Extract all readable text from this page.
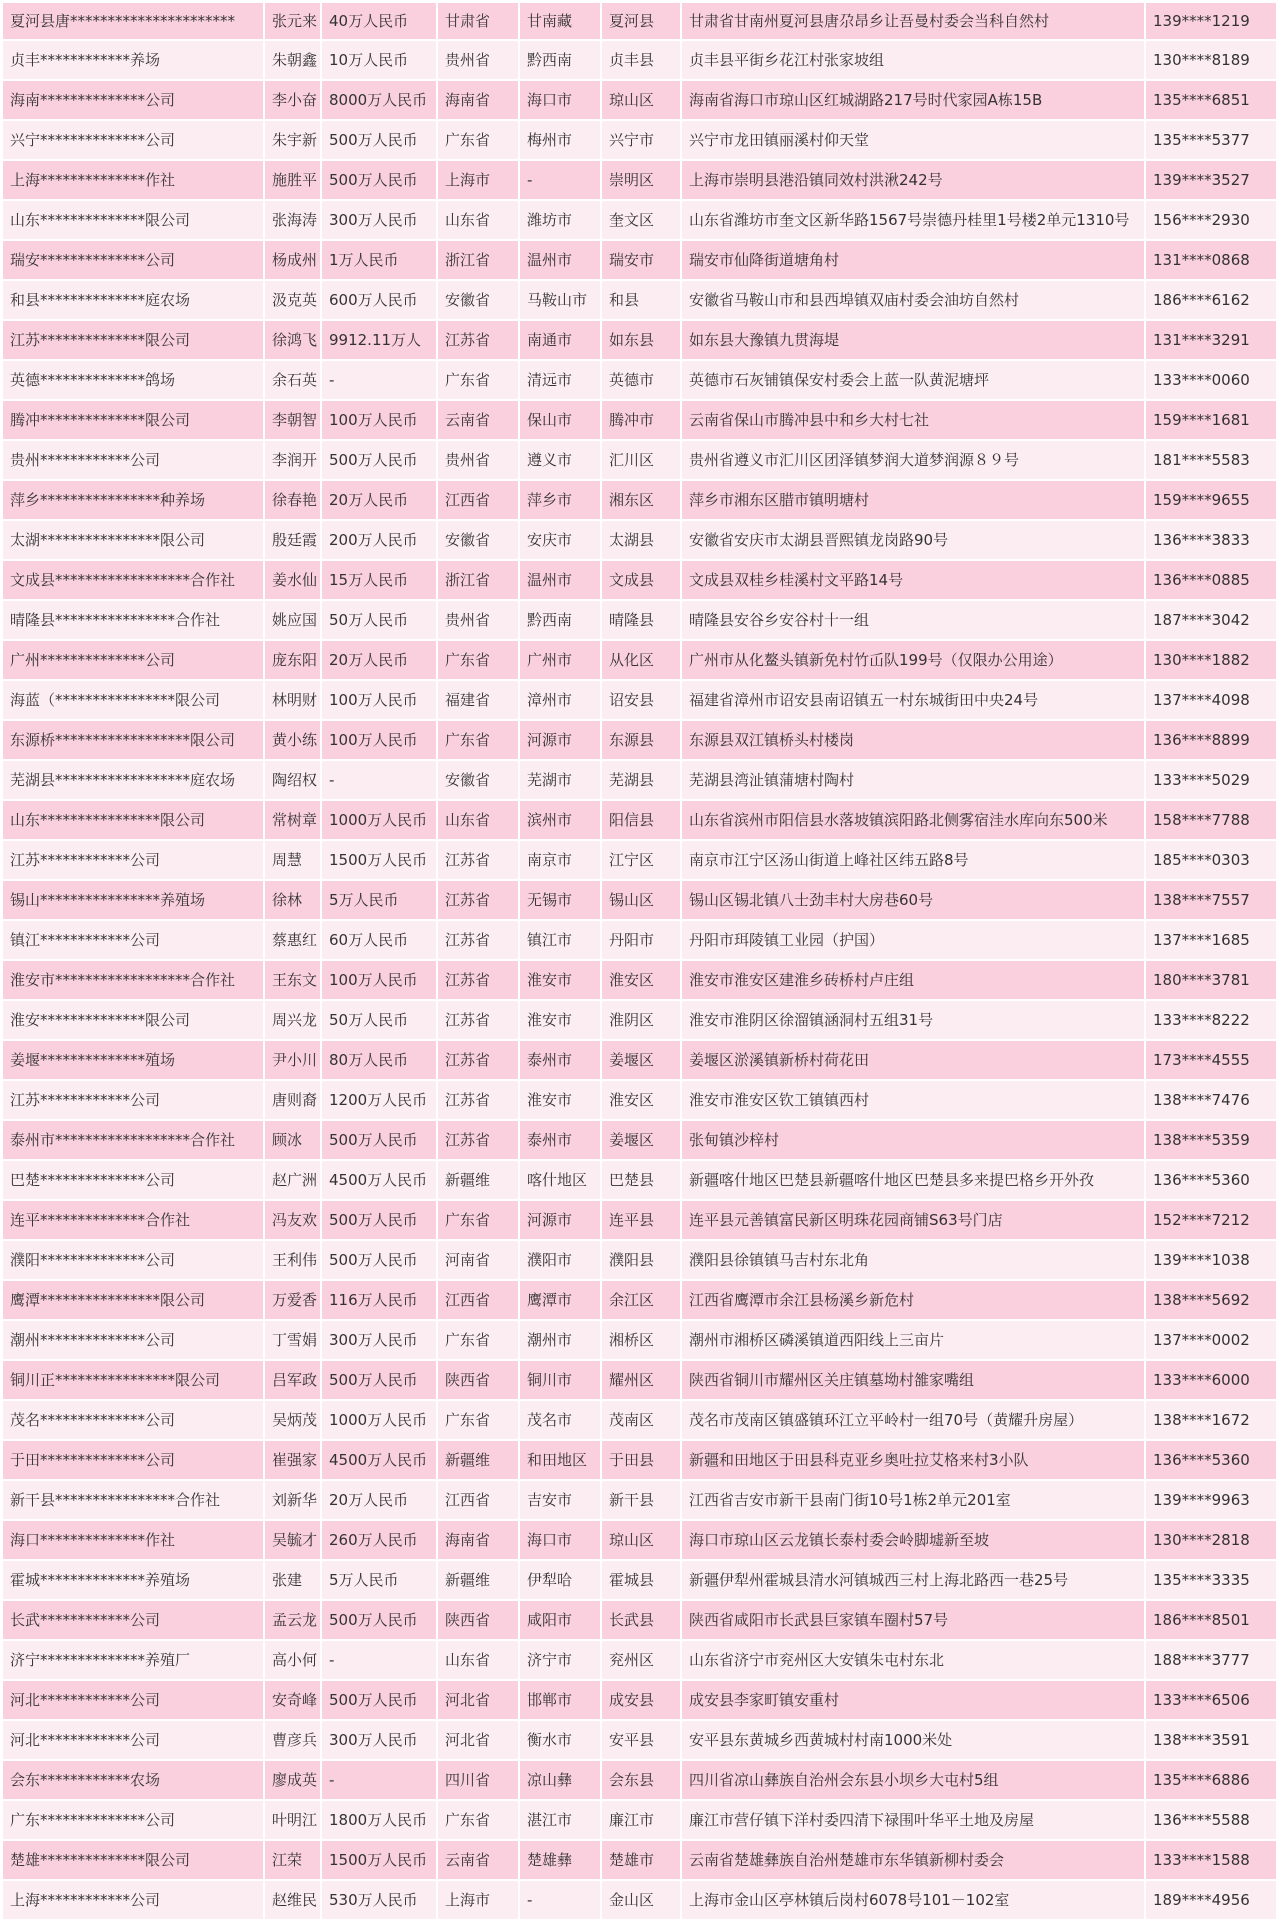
夏河县唐**********************	张元来	40万人民币	甘肃省	甘南藏	夏河县	甘肃省甘南州夏河县唐尕昂乡让吾曼村委会当科自然村	139****1219
贞丰************养场	朱朝鑫	10万人民币	贵州省	黔西南	贞丰县	贞丰县平街乡花江村张家坡组	130****8189
海南**************公司	李小奋	8000万人民币	海南省	海口市	琼山区	海南省海口市琼山区红城湖路217号时代家园A栋15B	135****6851
兴宁**************公司	朱宇新	500万人民币	广东省	梅州市	兴宁市	兴宁市龙田镇丽溪村仰天堂	135****5377
上海**************作社	施胜平	500万人民币	上海市	-	崇明区	上海市崇明县港沿镇同效村洪湫242号	139****3527
山东**************限公司	张海涛	300万人民币	山东省	潍坊市	奎文区	山东省潍坊市奎文区新华路1567号崇德丹桂里1号楼2单元1310号	156****2930
瑞安**************公司	杨成州	1万人民币	浙江省	温州市	瑞安市	瑞安市仙降街道塘角村	131****0868
和县**************庭农场	汲克英	600万人民币	安徽省	马鞍山市	和县	安徽省马鞍山市和县西埠镇双庙村委会油坊自然村	186****6162
江苏**************限公司	徐鸿飞	9912.11万人	江苏省	南通市	如东县	如东县大豫镇九贯海堤	131****3291
英德**************鸽场	余石英	-	广东省	清远市	英德市	英德市石灰铺镇保安村委会上蓝一队黄泥塘坪	133****0060
腾冲**************限公司	李朝智	100万人民币	云南省	保山市	腾冲市	云南省保山市腾冲县中和乡大村七社	159****1681
贵州************公司	李润开	500万人民币	贵州省	遵义市	汇川区	贵州省遵义市汇川区团泽镇梦润大道梦润源８９号	181****5583
萍乡****************种养场	徐春艳	20万人民币	江西省	萍乡市	湘东区	萍乡市湘东区腊市镇明塘村	159****9655
太湖****************限公司	殷廷霞	200万人民币	安徽省	安庆市	太湖县	安徽省安庆市太湖县晋熙镇龙岗路90号	136****3833
文成县******************合作社	姜水仙	15万人民币	浙江省	温州市	文成县	文成县双桂乡桂溪村文平路14号	136****0885
晴隆县****************合作社	姚应国	50万人民币	贵州省	黔西南	晴隆县	晴隆县安谷乡安谷村十一组	187****3042
广州**************公司	庞东阳	20万人民币	广东省	广州市	从化区	广州市从化鳌头镇新免村竹屲队199号（仅限办公用途）	130****1882
海蓝（****************限公司	林明财	100万人民币	福建省	漳州市	诏安县	福建省漳州市诏安县南诏镇五一村东城街田中央24号	137****4098
东源桥******************限公司	黄小练	100万人民币	广东省	河源市	东源县	东源县双江镇桥头村楼岗	136****8899
芜湖县******************庭农场	陶绍权	-	安徽省	芜湖市	芜湖县	芜湖县湾沚镇蒲塘村陶村	133****5029
山东****************限公司	常树章	1000万人民币	山东省	滨州市	阳信县	山东省滨州市阳信县水落坡镇滨阳路北侧雾宿洼水库向东500米	158****7788
江苏************公司	周慧	1500万人民币	江苏省	南京市	江宁区	南京市江宁区汤山街道上峰社区纬五路8号	185****0303
锡山****************养殖场	徐林	5万人民币	江苏省	无锡市	锡山区	锡山区锡北镇八士劲丰村大房巷60号	138****7557
镇江************公司	蔡惠红	60万人民币	江苏省	镇江市	丹阳市	丹阳市珥陵镇工业园（护国）	137****1685
淮安市******************合作社	王东文	100万人民币	江苏省	淮安市	淮安区	淮安市淮安区建淮乡砖桥村卢庄组	180****3781
淮安**************限公司	周兴龙	50万人民币	江苏省	淮安市	淮阴区	淮安市淮阴区徐溜镇涵洞村五组31号	133****8222
姜堰**************殖场	尹小川	80万人民币	江苏省	泰州市	姜堰区	姜堰区淤溪镇新桥村荷花田	173****4555
江苏************公司	唐则裔	1200万人民币	江苏省	淮安市	淮安区	淮安市淮安区钦工镇镇西村	138****7476
泰州市******************合作社	顾冰	500万人民币	江苏省	泰州市	姜堰区	张甸镇沙梓村	138****5359
巴楚**************公司	赵广洲	4500万人民币	新疆维	喀什地区	巴楚县	新疆喀什地区巴楚县新疆喀什地区巴楚县多来提巴格乡开外孜	136****5360
连平**************合作社	冯友欢	500万人民币	广东省	河源市	连平县	连平县元善镇富民新区明珠花园商铺S63号门店	152****7212
濮阳**************公司	王利伟	500万人民币	河南省	濮阳市	濮阳县	濮阳县徐镇镇马吉村东北角	139****1038
鹰潭****************限公司	万爱香	116万人民币	江西省	鹰潭市	余江区	江西省鹰潭市余江县杨溪乡新危村	138****5692
潮州**************公司	丁雪娟	300万人民币	广东省	潮州市	湘桥区	潮州市湘桥区磷溪镇道西阳线上三亩片	137****0002
铜川正****************限公司	吕军政	500万人民币	陕西省	铜川市	耀州区	陕西省铜川市耀州区关庄镇墓坳村雒家嘴组	133****6000
茂名**************公司	吴炳茂	1000万人民币	广东省	茂名市	茂南区	茂名市茂南区镇盛镇环江立平岭村一组70号（黄耀升房屋）	138****1672
于田**************公司	崔强家	4500万人民币	新疆维	和田地区	于田县	新疆和田地区于田县科克亚乡奥吐拉艾格来村3小队	136****5360
新干县****************合作社	刘新华	20万人民币	江西省	吉安市	新干县	江西省吉安市新干县南门街10号1栋2单元201室	139****9963
海口**************作社	吴毓才	260万人民币	海南省	海口市	琼山区	海口市琼山区云龙镇长泰村委会岭脚墟新至坡	130****2818
霍城**************养殖场	张建	5万人民币	新疆维	伊犁哈	霍城县	新疆伊犁州霍城县清水河镇城西三村上海北路西一巷25号	135****3335
长武************公司	孟云龙	500万人民币	陕西省	咸阳市	长武县	陕西省咸阳市长武县巨家镇车圈村57号	186****8501
济宁**************养殖厂	高小何	-	山东省	济宁市	兖州区	山东省济宁市兖州区大安镇朱屯村东北	188****3777
河北************公司	安奇峰	500万人民币	河北省	邯郸市	成安县	成安县李家町镇安重村	133****6506
河北************公司	曹彦兵	300万人民币	河北省	衡水市	安平县	安平县东黄城乡西黄城村村南1000米处	138****3591
会东************农场	廖成英	-	四川省	凉山彝	会东县	四川省凉山彝族自治州会东县小坝乡大屯村5组	135****6886
广东**************公司	叶明江	1800万人民币	广东省	湛江市	廉江市	廉江市营仔镇下洋村委四清下禄围叶华平土地及房屋	136****5588
楚雄**************限公司	江荣	1500万人民币	云南省	楚雄彝	楚雄市	云南省楚雄彝族自治州楚雄市东华镇新柳村委会	133****1588
上海************公司	赵维民	530万人民币	上海市	-	金山区	上海市金山区亭林镇后岗村6078号101－102室	189****4956
